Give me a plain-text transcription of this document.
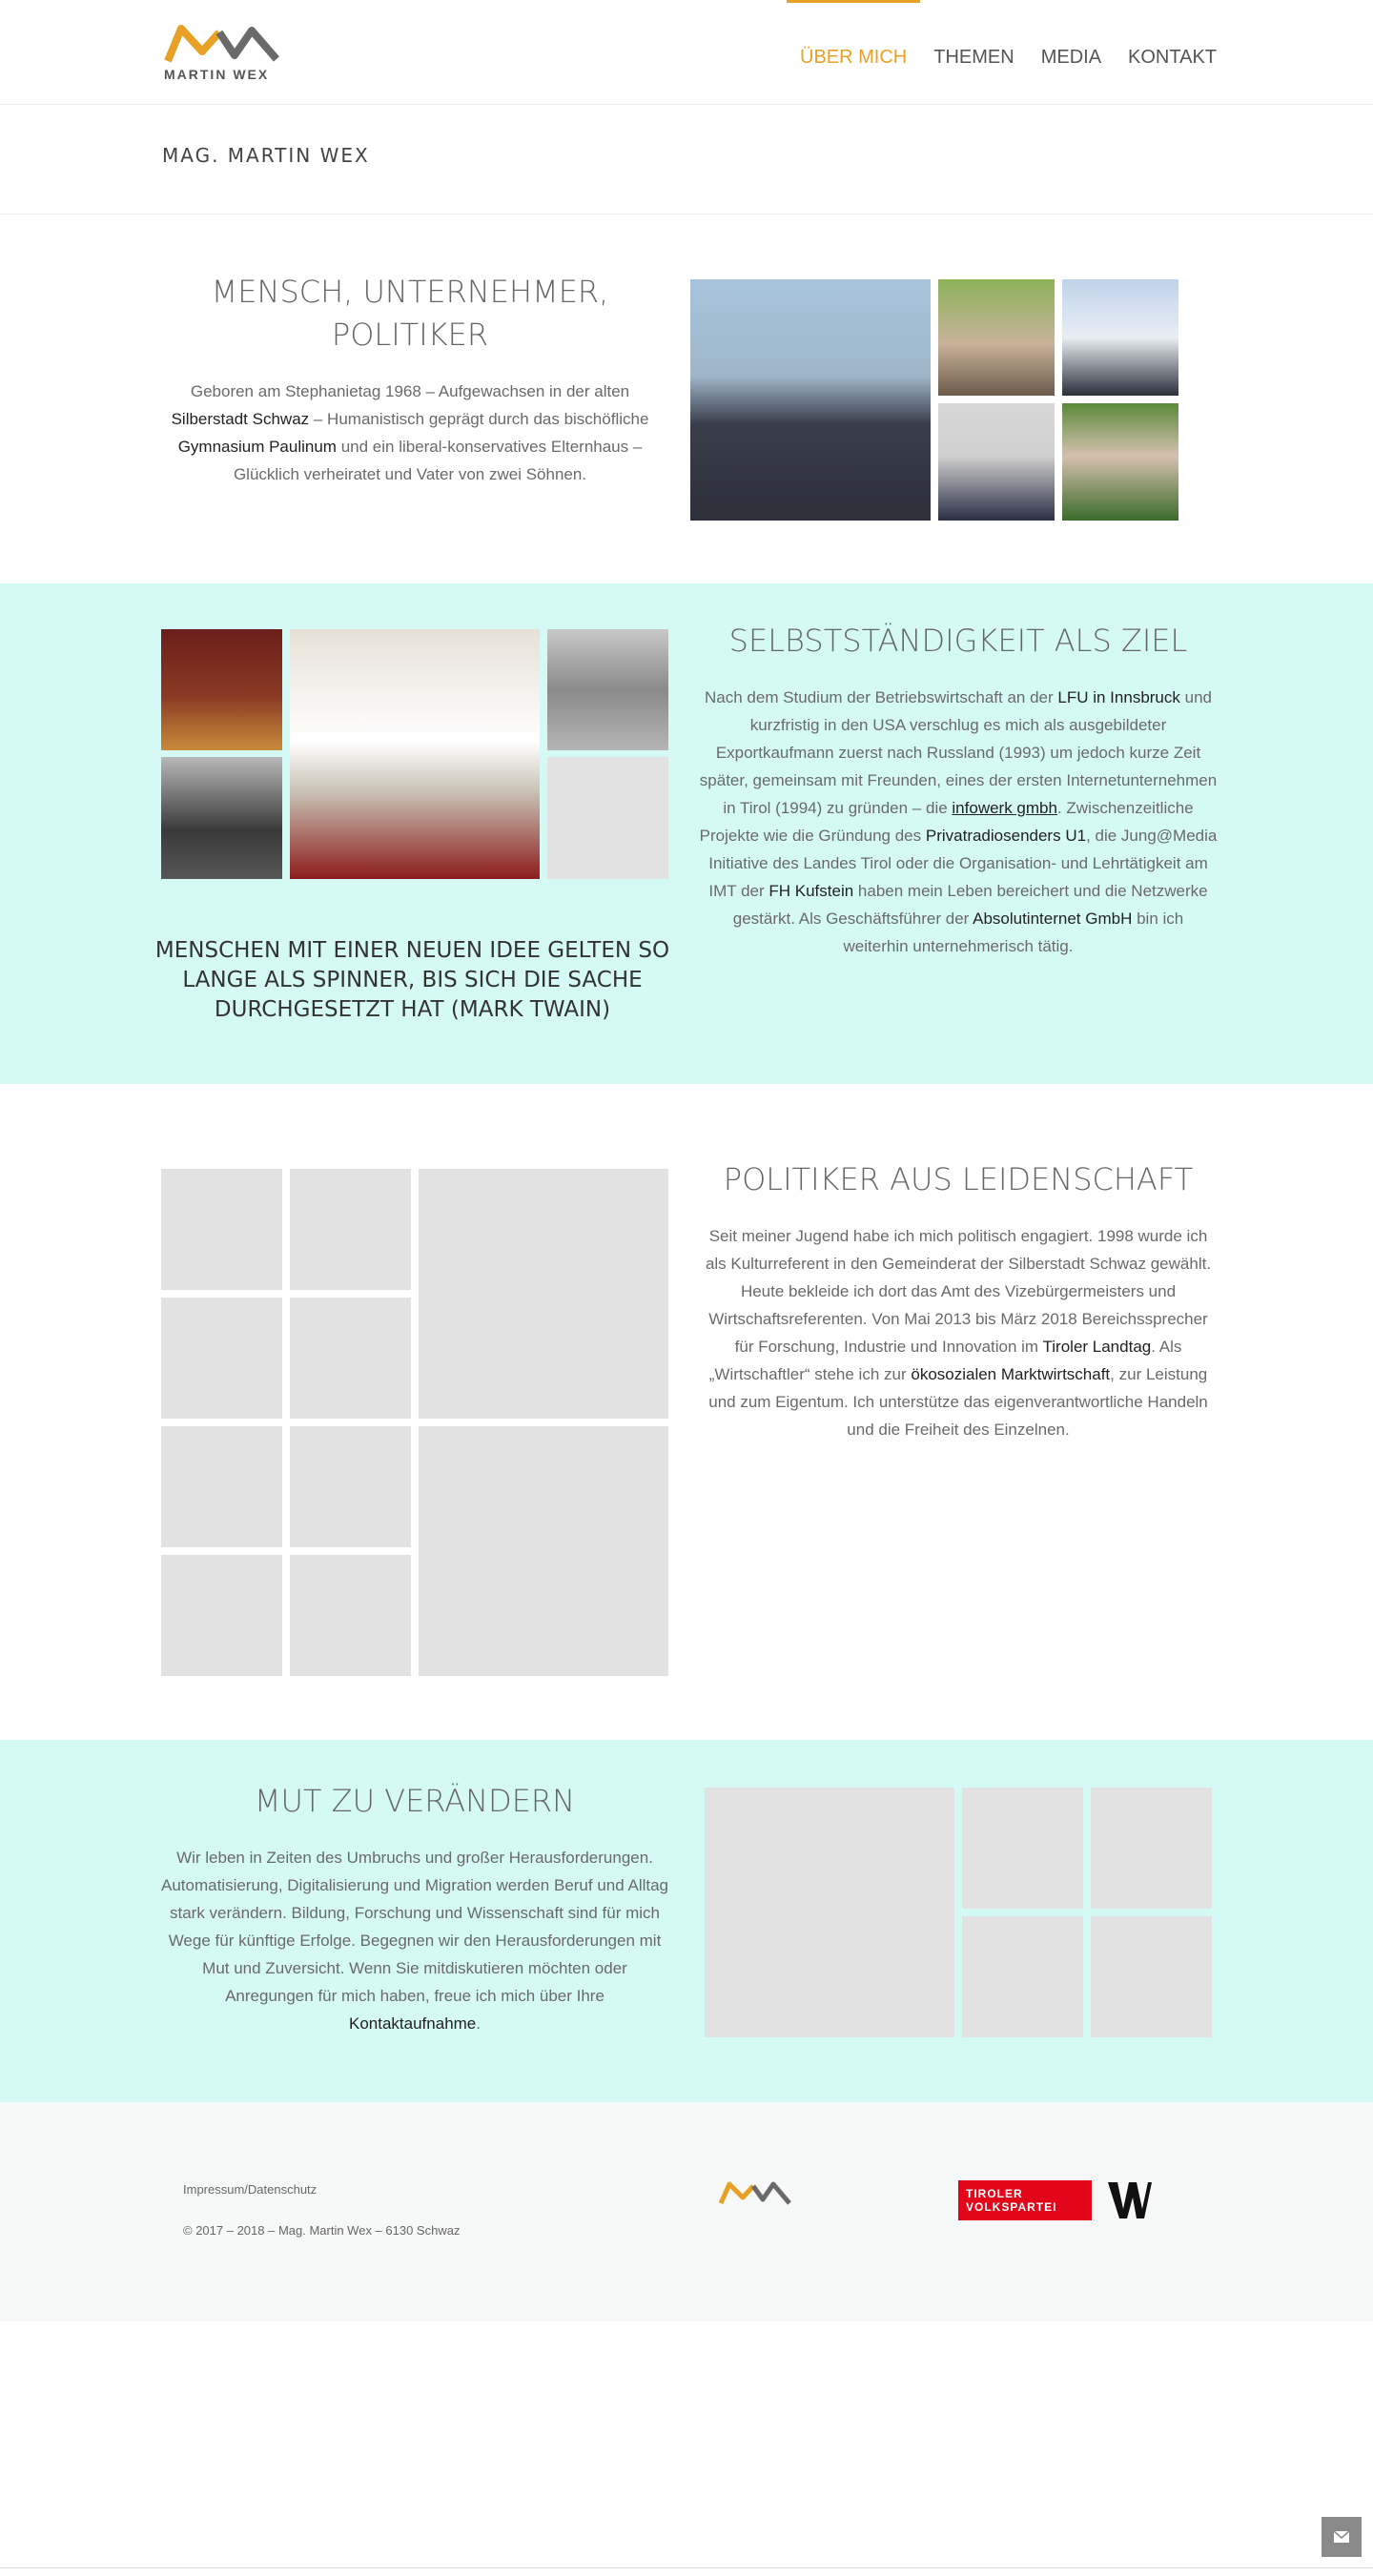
MARTIN WEX
ÜBER MICH THEMEN MEDIA KONTAKT
MAG. MARTIN WEX
MENSCH, UNTERNEHMER, POLITIKER

Geboren am Stephanietag 1968 – Aufgewachsen in der alten Silberstadt Schwaz – Humanistisch geprägt durch das bischöfliche Gymnasium Paulinum und ein liberal-konservatives Elternhaus – Glücklich verheiratet und Vater von zwei Söhnen.

MENSCHEN MIT EINER NEUEN IDEE GELTEN SO LANGE ALS SPINNER, BIS SICH DIE SACHE DURCHGESETZT HAT (MARK TWAIN)
SELBSTSTÄNDIGKEIT ALS ZIEL

Nach dem Studium der Betriebswirtschaft an der LFU in Innsbruck und kurzfristig in den USA verschlug es mich als ausgebildeter Exportkaufmann zuerst nach Russland (1993) um jedoch kurze Zeit später, gemeinsam mit Freunden, eines der ersten Internetunternehmen in Tirol (1994) zu gründen – die infowerk gmbh. Zwischenzeitliche Projekte wie die Gründung des Privatradiosenders U1, die Jung@Media Initiative des Landes Tirol oder die Organisation- und Lehrtätigkeit am IMT der FH Kufstein haben mein Leben bereichert und die Netzwerke gestärkt. Als Geschäftsführer der Absolutinternet GmbH bin ich weiterhin unternehmerisch tätig.

POLITIKER AUS LEIDENSCHAFT

Seit meiner Jugend habe ich mich politisch engagiert. 1998 wurde ich als Kulturreferent in den Gemeinderat der Silberstadt Schwaz gewählt. Heute bekleide ich dort das Amt des Vizebürgermeisters und Wirtschaftsreferenten. Von Mai 2013 bis März 2018 Bereichssprecher für Forschung, Industrie und Innovation im Tiroler Landtag. Als „Wirtschaftler“ stehe ich zur ökosozialen Marktwirtschaft, zur Leistung und zum Eigentum. Ich unterstütze das eigenverantwortliche Handeln und die Freiheit des Einzelnen.

MUT ZU VERÄNDERN

Wir leben in Zeiten des Umbruchs und großer Herausforderungen. Automatisierung, Digitalisierung und Migration werden Beruf und Alltag stark verändern. Bildung, Forschung und Wissenschaft sind für mich Wege für künftige Erfolge. Begegnen wir den Herausforderungen mit Mut und Zuversicht. Wenn Sie mitdiskutieren möchten oder Anregungen für mich haben, freue ich mich über Ihre Kontaktaufnahme.

Impressum/Datenschutz
© 2017 – 2018 – Mag. Martin Wex – 6130 Schwaz
TIROLER VOLKSPARTEI
